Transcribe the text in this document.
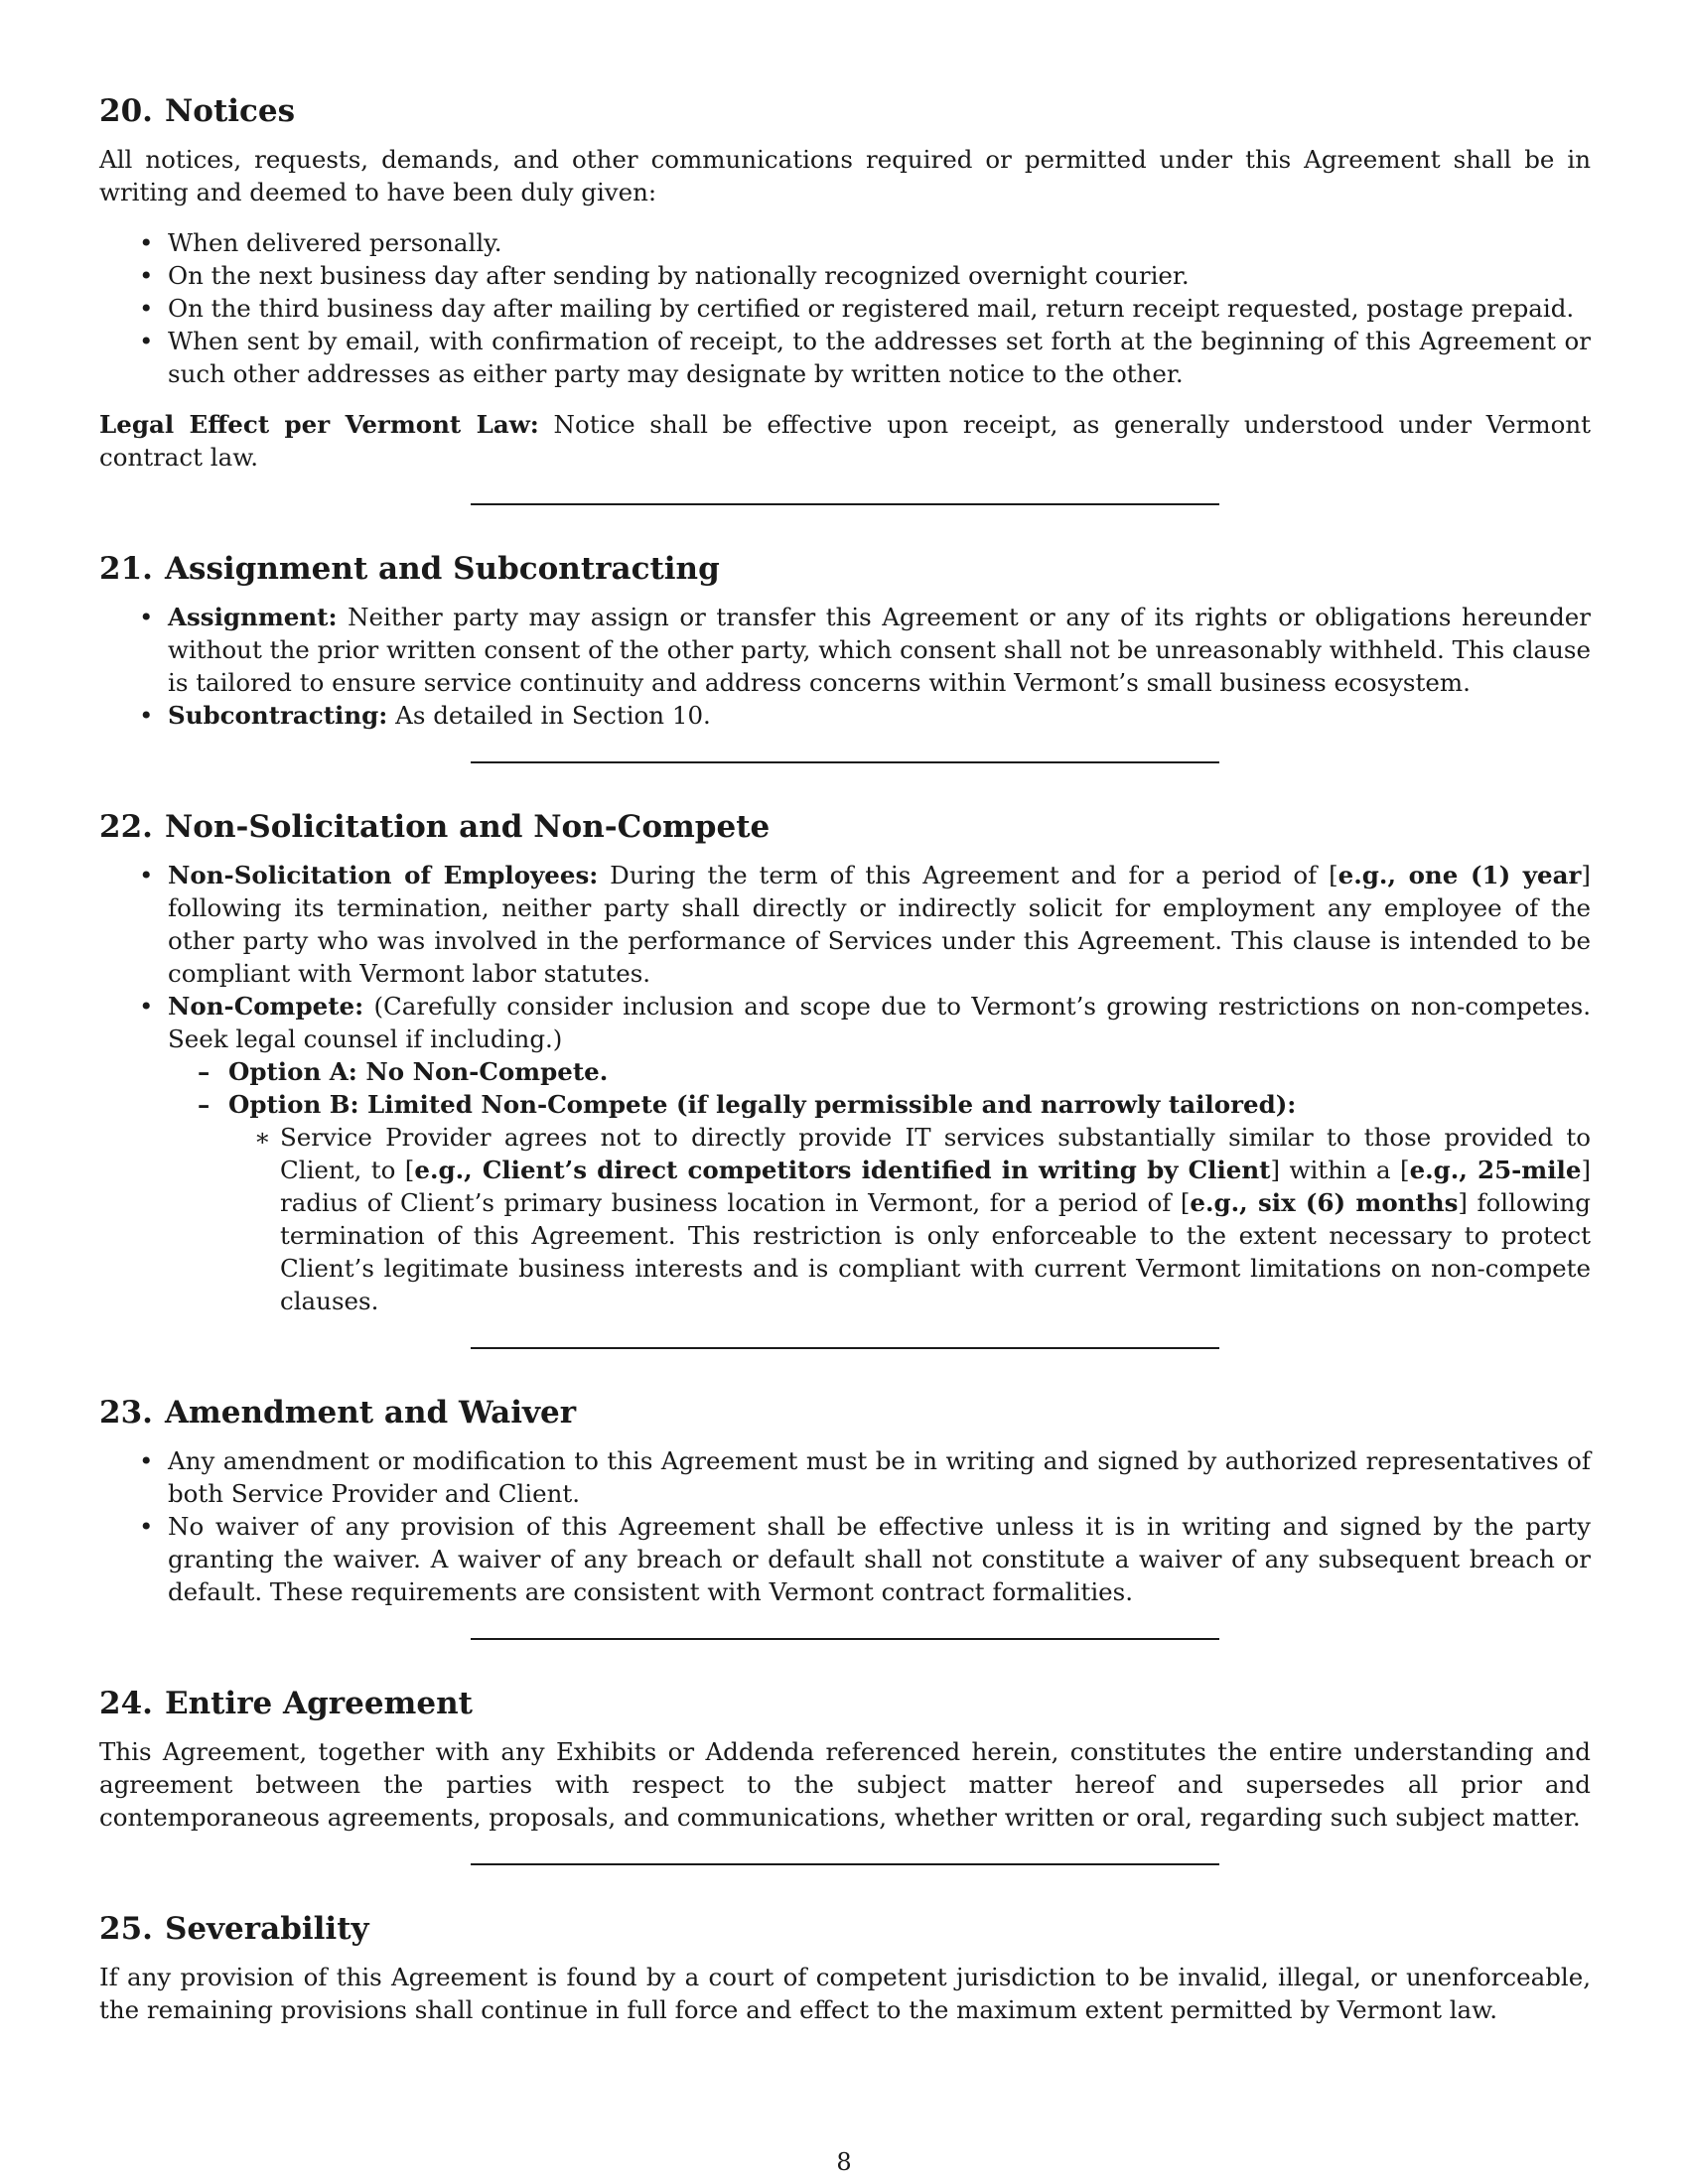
20. Notices

All notices, requests, demands, and other communications required or permitted under this Agreement shall be in writing and deemed to have been duly given:

• When delivered personally.
• On the next business day after sending by nationally recognized overnight courier.
• On the third business day after mailing by certified or registered mail, return receipt requested, postage prepaid.
• When sent by email, with confirmation of receipt, to the addresses set forth at the beginning of this Agreement or such other addresses as either party may designate by written notice to the other.

Legal Effect per Vermont Law: Notice shall be effective upon receipt, as generally understood under Vermont contract law.

21. Assignment and Subcontracting
• Assignment: Neither party may assign or transfer this Agreement or any of its rights or obligations hereunder without the prior written consent of the other party, which consent shall not be unreasonably withheld. This clause is tailored to ensure service continuity and address concerns within Vermont’s small business ecosystem.
• Subcontracting: As detailed in Section 10.
22. Non-Solicitation and Non-Compete
• Non-Solicitation of Employees: During the term of this Agreement and for a period of [e.g., one (1) year] following its termination, neither party shall directly or indirectly solicit for employment any employee of the other party who was involved in the performance of Services under this Agreement. This clause is intended to be compliant with Vermont labor statutes.
• Non-Compete: (Carefully consider inclusion and scope due to Vermont’s growing restrictions on non-competes. Seek legal counsel if including.)
– Option A: No Non-Compete.
– Option B: Limited Non-Compete (if legally permissible and narrowly tailored):
∗ Service Provider agrees not to directly provide IT services substantially similar to those provided to Client, to [e.g., Client’s direct competitors identified in writing by Client] within a [e.g., 25-mile] radius of Client’s primary business location in Vermont, for a period of [e.g., six (6) months] following termination of this Agreement. This restriction is only enforceable to the extent necessary to protect Client’s legitimate business interests and is compliant with current Vermont limitations on non-compete clauses.
23. Amendment and Waiver
• Any amendment or modification to this Agreement must be in writing and signed by authorized representatives of both Service Provider and Client.
• No waiver of any provision of this Agreement shall be effective unless it is in writing and signed by the party granting the waiver. A waiver of any breach or default shall not constitute a waiver of any subsequent breach or default. These requirements are consistent with Vermont contract formalities.
24. Entire Agreement

This Agreement, together with any Exhibits or Addenda referenced herein, constitutes the entire understanding and agreement between the parties with respect to the subject matter hereof and supersedes all prior and contemporaneous agreements, proposals, and communications, whether written or oral, regarding such subject matter.

25. Severability

If any provision of this Agreement is found by a court of competent jurisdiction to be invalid, illegal, or unenforceable, the remaining provisions shall continue in full force and effect to the maximum extent permitted by Vermont law.

8
